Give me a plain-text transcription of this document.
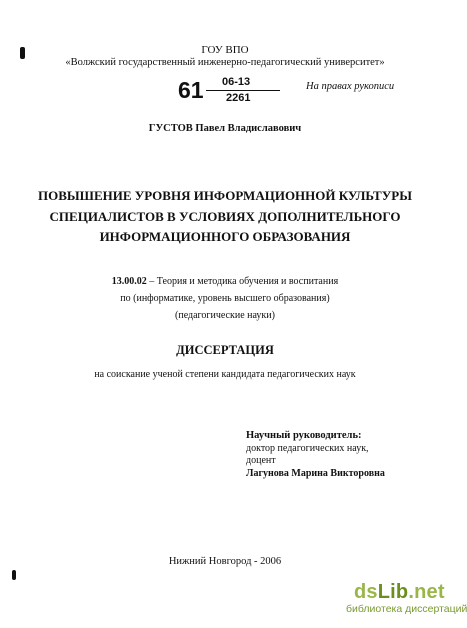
ГОУ ВПО
«Волжский государственный инженерно-педагогический университет»
61 06-13
2261
На правах рукописи
ГУСТОВ Павел Владиславович
ПОВЫШЕНИЕ УРОВНЯ ИНФОРМАЦИОННОЙ КУЛЬТУРЫ
СПЕЦИАЛИСТОВ В УСЛОВИЯХ ДОПОЛНИТЕЛЬНОГО
ИНФОРМАЦИОННОГО ОБРАЗОВАНИЯ
13.00.02 – Теория и методика обучения и воспитания
по (информатике, уровень высшего образования)
(педагогические науки)
ДИССЕРТАЦИЯ
на соискание ученой степени кандидата педагогических наук
Научный руководитель:
доктор педагогических наук,
доцент
Лагунова Марина Викторовна
Нижний Новгород - 2006
dsLib.net
библиотека диссертаций
